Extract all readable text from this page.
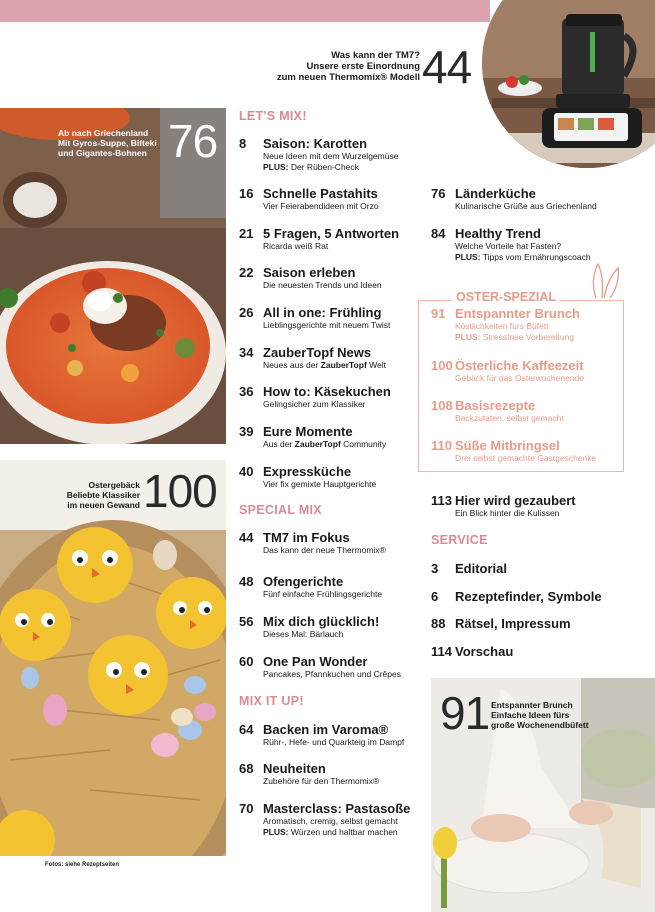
Was kann der TM7?
Unsere erste Einordnung
zum neuen Thermomix® Modell 44
Ab nach Griechenland
Mit Gyros-Suppe, Bifteki
und Gigantes-Bohnen 76
Ostergebäck
Beliebte Klassiker
im neuen Gewand 100
Fotos: siehe Rezeptseiten
91 Entspannter Brunch
Einfache Ideen fürs
große Wochenendbüfett
LET'S MIX!
8 Saison: Karotten
Neue Ideen mit dem Wurzelgemüse
PLUS: Der Rüben-Check
16 Schnelle Pastahits
Vier Feierabendideen mit Orzo
21 5 Fragen, 5 Antworten
Ricarda weiß Rat
22 Saison erleben
Die neuesten Trends und Ideen
26 All in one: Frühling
Lieblingsgerichte mit neuem Twist
34 ZauberTopf News
Neues aus der ZauberTopf Welt
36 How to: Käsekuchen
Gelingsicher zum Klassiker
39 Eure Momente
Aus der ZauberTopf Community
40 Expressküche
Vier fix gemixte Hauptgerichte
SPECIAL MIX
44 TM7 im Fokus
Das kann der neue Thermomix®
48 Ofengerichte
Fünf einfache Frühlingsgerichte
56 Mix dich glücklich!
Dieses Mal: Bärlauch
60 One Pan Wonder
Pancakes, Pfannkuchen und Crêpes
MIX IT UP!
64 Backen im Varoma®
Rühr-, Hefe- und Quarkteig im Dampf
68 Neuheiten
Zubehöre für den Thermomix®
70 Masterclass: Pastasoße
Aromatisch, cremig, selbst gemacht
PLUS: Würzen und haltbar machen
76 Länderküche
Kulinarische Grüße aus Griechenland
84 Healthy Trend
Welche Vorteile hat Fasten?
PLUS: Tipps vom Ernährungscoach
OSTER-SPEZIAL
91 Entspannter Brunch
Köstlichkeiten fürs Büfett
PLUS: Stressfreie Vorbereitung
100 Österliche Kaffeezeit
Gebäck für das Osterwochenende
108 Basisrezepte
Backzutaten, selbst gemacht
110 Süße Mitbringsel
Drei selbst gemachte Gastgeschenke
113 Hier wird gezaubert
Ein Blick hinter die Kulissen
SERVICE
3 Editorial
6 Rezeptefinder, Symbole
88 Rätsel, Impressum
114 Vorschau
